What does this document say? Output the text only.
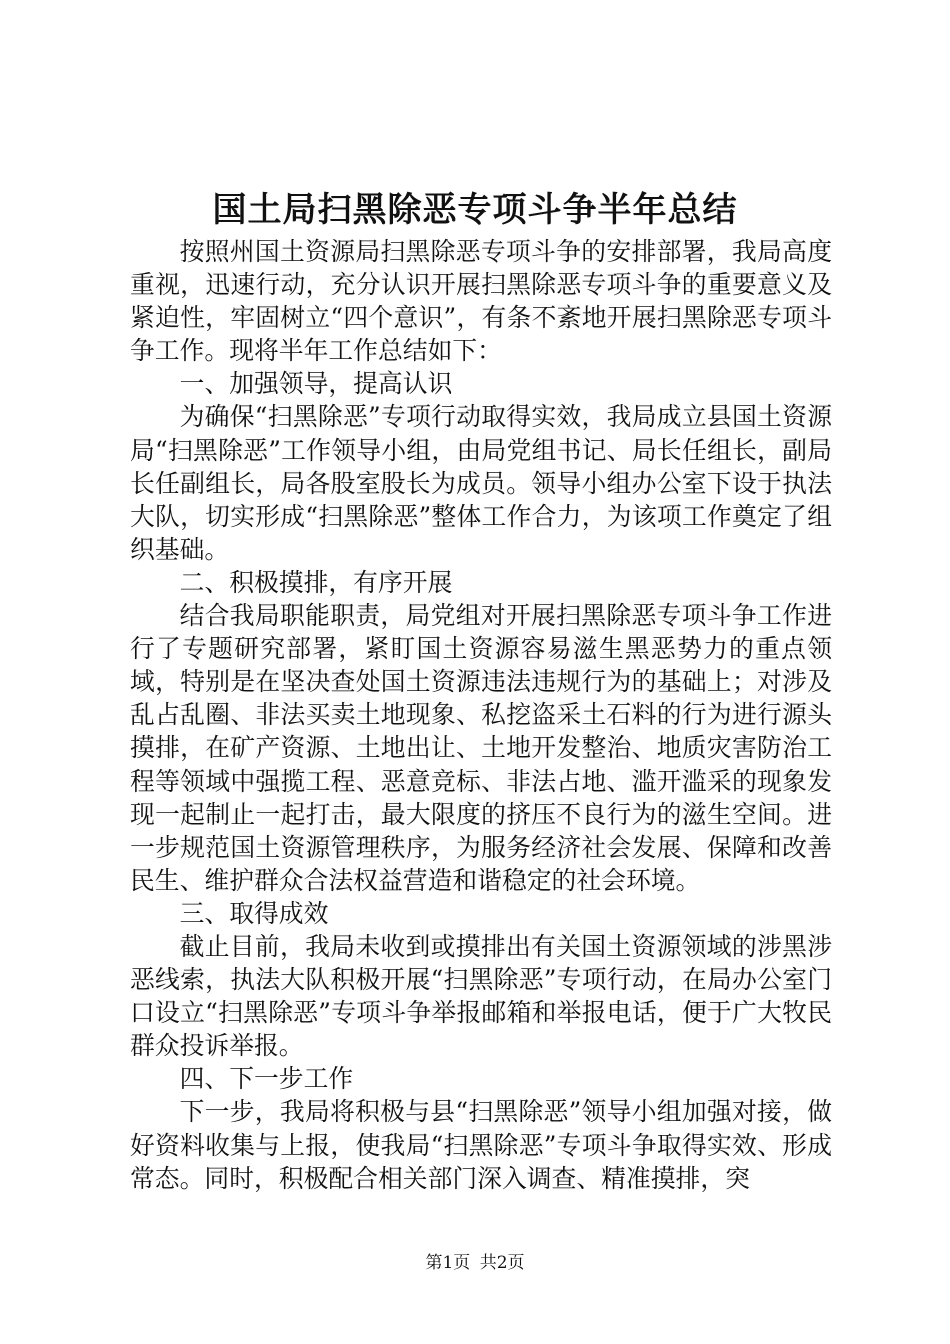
国土局扫黑除恶专项斗争半年总结

按照州国土资源局扫黑除恶专项斗争的安排部署，我局高度重视，迅速行动，充分认识开展扫黑除恶专项斗争的重要意义及紧迫性，牢固树立“四个意识”，有条不紊地开展扫黑除恶专项斗争工作。现将半年工作总结如下：

一、加强领导，提高认识

为确保“扫黑除恶”专项行动取得实效，我局成立县国土资源局“扫黑除恶”工作领导小组，由局党组书记、局长任组长，副局长任副组长，局各股室股长为成员。领导小组办公室下设于执法大队，切实形成“扫黑除恶”整体工作合力，为该项工作奠定了组织基础。

二、积极摸排，有序开展

结合我局职能职责，局党组对开展扫黑除恶专项斗争工作进行了专题研究部署，紧盯国土资源容易滋生黑恶势力的重点领域，特别是在坚决查处国土资源违法违规行为的基础上；对涉及乱占乱圈、非法买卖土地现象、私挖盗采土石料的行为进行源头摸排，在矿产资源、土地出让、土地开发整治、地质灾害防治工程等领域中强揽工程、恶意竞标、非法占地、滥开滥采的现象发现一起制止一起打击，最大限度的挤压不良行为的滋生空间。进一步规范国土资源管理秩序，为服务经济社会发展、保障和改善民生、维护群众合法权益营造和谐稳定的社会环境。

三、取得成效

截止目前，我局未收到或摸排出有关国土资源领域的涉黑涉恶线索，执法大队积极开展“扫黑除恶”专项行动，在局办公室门口设立“扫黑除恶”专项斗争举报邮箱和举报电话，便于广大牧民群众投诉举报。

四、下一步工作

下一步，我局将积极与县“扫黑除恶”领导小组加强对接，做好资料收集与上报，使我局“扫黑除恶”专项斗争取得实效、形成常态。同时，积极配合相关部门深入调查、精准摸排，突

第1页 共2页
